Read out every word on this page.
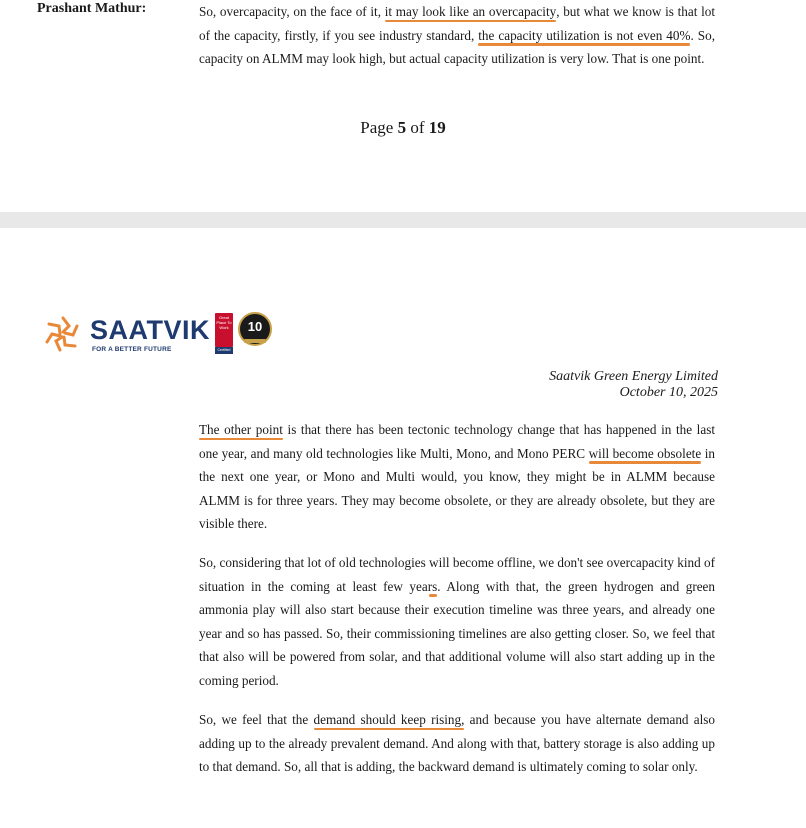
Prashant Mathur:	So, overcapacity, on the face of it, it may look like an overcapacity, but what we know is that lot of the capacity, firstly, if you see industry standard, the capacity utilization is not even 40%. So, capacity on ALMM may look high, but actual capacity utilization is very low. That is one point.

Page 5 of 19
SAATVIK
FOR A BETTER FUTURE
Great Place To Work
Certified
10
Saatvik Green Energy Limited
October 10, 2025

The other point is that there has been tectonic technology change that has happened in the last one year, and many old technologies like Multi, Mono, and Mono PERC will become obsolete in the next one year, or Mono and Multi would, you know, they might be in ALMM because ALMM is for three years. They may become obsolete, or they are already obsolete, but they are visible there.

So, considering that lot of old technologies will become offline, we don't see overcapacity kind of situation in the coming at least few years. Along with that, the green hydrogen and green ammonia play will also start because their execution timeline was three years, and already one year and so has passed. So, their commissioning timelines are also getting closer. So, we feel that that also will be powered from solar, and that additional volume will also start adding up in the coming period.

So, we feel that the demand should keep rising, and because you have alternate demand also adding up to the already prevalent demand. And along with that, battery storage is also adding up to that demand. So, all that is adding, the backward demand is ultimately coming to solar only.
